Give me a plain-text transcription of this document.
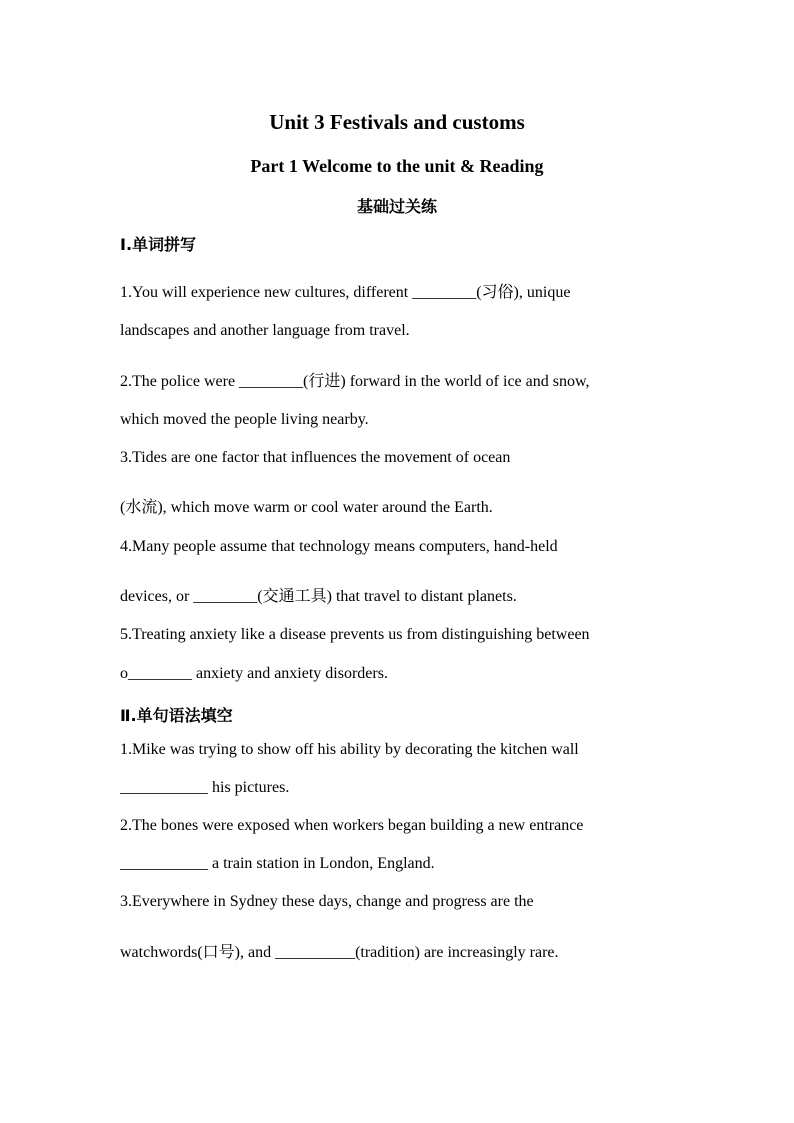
Unit 3 Festivals and customs
Part 1 Welcome to the unit & Reading
基础过关练
Ⅰ.单词拼写
1.You will experience new cultures, different ________(习俗), unique
landscapes and another language from travel.
2.The police were ________(行进) forward in the world of ice and snow,
which moved the people living nearby.
3.Tides are one factor that influences the movement of ocean
(水流), which move warm or cool water around the Earth.
4.Many people assume that technology means computers, hand-held
devices, or ________(交通工具) that travel to distant planets.
5.Treating anxiety like a disease prevents us from distinguishing between
o________ anxiety and anxiety disorders.
Ⅱ.单句语法填空
1.Mike was trying to show off his ability by decorating the kitchen wall
___________ his pictures.
2.The bones were exposed when workers began building a new entrance
___________ a train station in London, England.
3.Everywhere in Sydney these days, change and progress are the
watchwords(口号), and __________(tradition) are increasingly rare.
